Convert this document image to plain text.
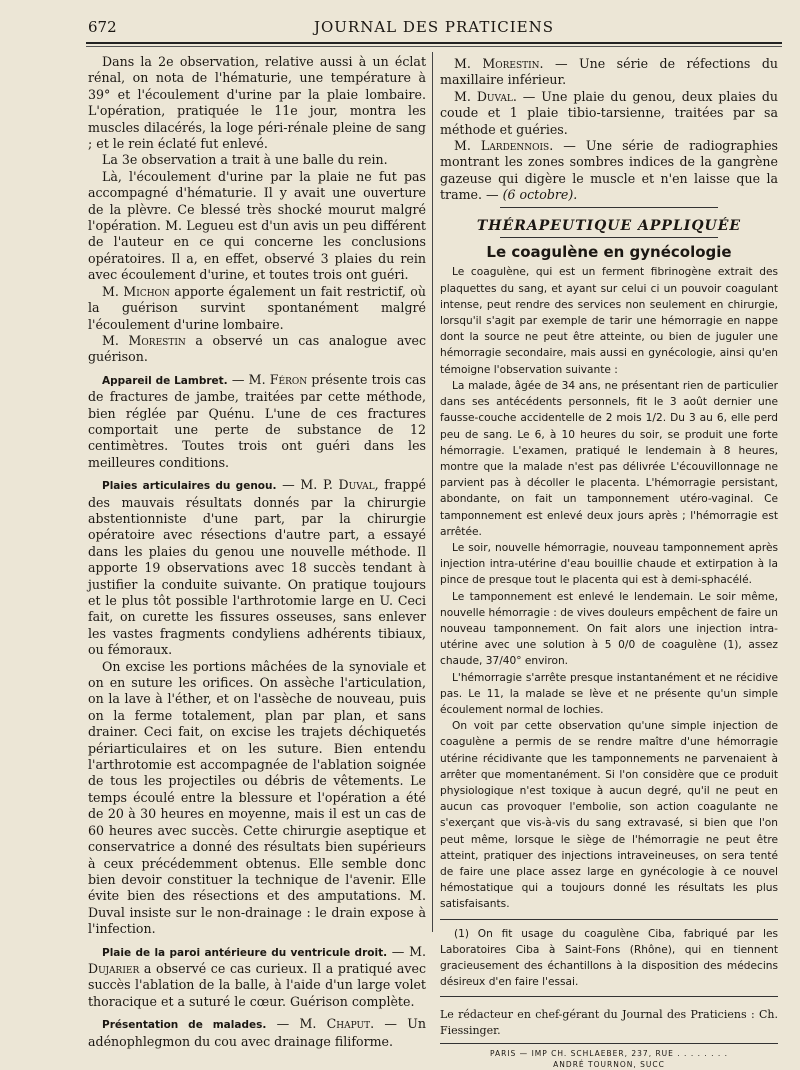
672	JOURNAL DES PRATICIENS

Dans la 2e observation, relative aussi à un éclat rénal, on nota de l'hématurie, une température à 39° et l'écoulement d'urine par la plaie lombaire. L'opération, pratiquée le 11e jour, montra les muscles dilacérés, la loge péri-rénale pleine de sang ; et le rein éclaté fut enlevé.

La 3e observation a trait à une balle du rein.

Là, l'écoulement d'urine par la plaie ne fut pas accompagné d'hématurie. Il y avait une ouverture de la plèvre. Ce blessé très shocké mourut malgré l'opération. M. Legueu est d'un avis un peu différent de l'auteur en ce qui concerne les conclusions opératoires. Il a, en effet, observé 3 plaies du rein avec écoulement d'urine, et toutes trois ont guéri.

M. Michon apporte également un fait restrictif, où la guérison survint spontanément malgré l'écoulement d'urine lombaire.

M. Morestin a observé un cas analogue avec guérison.

Appareil de Lambret. — M. Féron présente trois cas de fractures de jambe, traitées par cette méthode, bien réglée par Quénu. L'une de ces fractures comportait une perte de substance de 12 centimètres. Toutes trois ont guéri dans les meilleures conditions.

Plaies articulaires du genou. — M. P. Duval, frappé des mauvais résultats donnés par la chirurgie abstentionniste d'une part, par la chirurgie opératoire avec résections d'autre part, a essayé dans les plaies du genou une nouvelle méthode. Il apporte 19 observations avec 18 succès tendant à justifier la conduite suivante. On pratique toujours et le plus tôt possible l'arthrotomie large en U. Ceci fait, on curette les fissures osseuses, sans enlever les vastes fragments condyliens adhérents tibiaux, ou fémoraux.

On excise les portions mâchées de la synoviale et on en suture les orifices. On assèche l'articulation, on la lave à l'éther, et on l'assèche de nouveau, puis on la ferme totalement, plan par plan, et sans drainer. Ceci fait, on excise les trajets déchiquetés périarticulaires et on les suture. Bien entendu l'arthrotomie est accompagnée de l'ablation soignée de tous les projectiles ou débris de vêtements. Le temps écoulé entre la blessure et l'opération a été de 20 à 30 heures en moyenne, mais il est un cas de 60 heures avec succès. Cette chirurgie aseptique et conservatrice a donné des résultats bien supérieurs à ceux précédemment obtenus. Elle semble donc bien devoir constituer la technique de l'avenir. Elle évite bien des résections et des amputations. M. Duval insiste sur le non-drainage : le drain expose à l'infection.

Plaie de la paroi antérieure du ventricule droit. — M. Dujarier a observé ce cas curieux. Il a pratiqué avec succès l'ablation de la balle, à l'aide d'un large volet thoracique et a suturé le cœur. Guérison complète.

Présentation de malades. — M. Chaput. — Un adénophlegmon du cou avec drainage filiforme.

M. Morestin. — Une série de réfections du maxillaire inférieur.

M. Duval. — Une plaie du genou, deux plaies du coude et 1 plaie tibio-tarsienne, traitées par sa méthode et guéries.

M. Lardennois. — Une série de radiographies montrant les zones sombres indices de la gangrène gazeuse qui digère le muscle et n'en laisse que la trame. — (6 octobre).

THÉRAPEUTIQUE APPLIQUÉE

Le coagulène en gynécologie

Le coagulène, qui est un ferment fibrinogène extrait des plaquettes du sang, et ayant sur celui ci un pouvoir coagulant intense, peut rendre des services non seulement en chirurgie, lorsqu'il s'agit par exemple de tarir une hémorragie en nappe dont la source ne peut être atteinte, ou bien de juguler une hémorragie secondaire, mais aussi en gynécologie, ainsi qu'en témoigne l'observation suivante :

La malade, âgée de 34 ans, ne présentant rien de particulier dans ses antécédents personnels, fit le 3 août dernier une fausse-couche accidentelle de 2 mois 1/2. Du 3 au 6, elle perd peu de sang. Le 6, à 10 heures du soir, se produit une forte hémorragie. L'examen, pratiqué le lendemain à 8 heures, montre que la malade n'est pas délivrée L'écouvillonnage ne parvient pas à décoller le placenta. L'hémorragie persistant, abondante, on fait un tamponnement utéro-vaginal. Ce tamponnement est enlevé deux jours après ; l'hémorragie est arrêtée.

Le soir, nouvelle hémorragie, nouveau tamponnement après injection intra-utérine d'eau bouillie chaude et extirpation à la pince de presque tout le placenta qui est à demi-sphacélé.

Le tamponnement est enlevé le lendemain. Le soir même, nouvelle hémorragie : de vives douleurs empêchent de faire un nouveau tamponnement. On fait alors une injection intra-utérine avec une solution à 5 0/0 de coagulène (1), assez chaude, 37/40° environ.

L'hémorragie s'arrête presque instantanément et ne récidive pas. Le 11, la malade se lève et ne présente qu'un simple écoulement normal de lochies.

On voit par cette observation qu'une simple injection de coagulène a permis de se rendre maître d'une hémorragie utérine récidivante que les tamponnements ne parvenaient à arrêter que momentanément. Si l'on considère que ce produit physiologique n'est toxique à aucun degré, qu'il ne peut en aucun cas provoquer l'embolie, son action coagulante ne s'exerçant que vis-à-vis du sang extravasé, si bien que l'on peut même, lorsque le siège de l'hémorragie ne peut être atteint, pratiquer des injections intraveineuses, on sera tenté de faire une place assez large en gynécologie à ce nouvel hémostatique qui a toujours donné les résultats les plus satisfaisants.

(1) On fit usage du coagulène Ciba, fabriqué par les Laboratoires Ciba à Saint-Fons (Rhône), qui en tiennent gracieusement des échantillons à la disposition des médecins désireux d'en faire l'essai.

Le rédacteur en chef-gérant du Journal des Praticiens : Ch. Fiessinger.

PARIS — IMP CH. SCHLAEBER, 237, RUE . . . . . . . .

ANDRÉ TOURNON, SUCC
